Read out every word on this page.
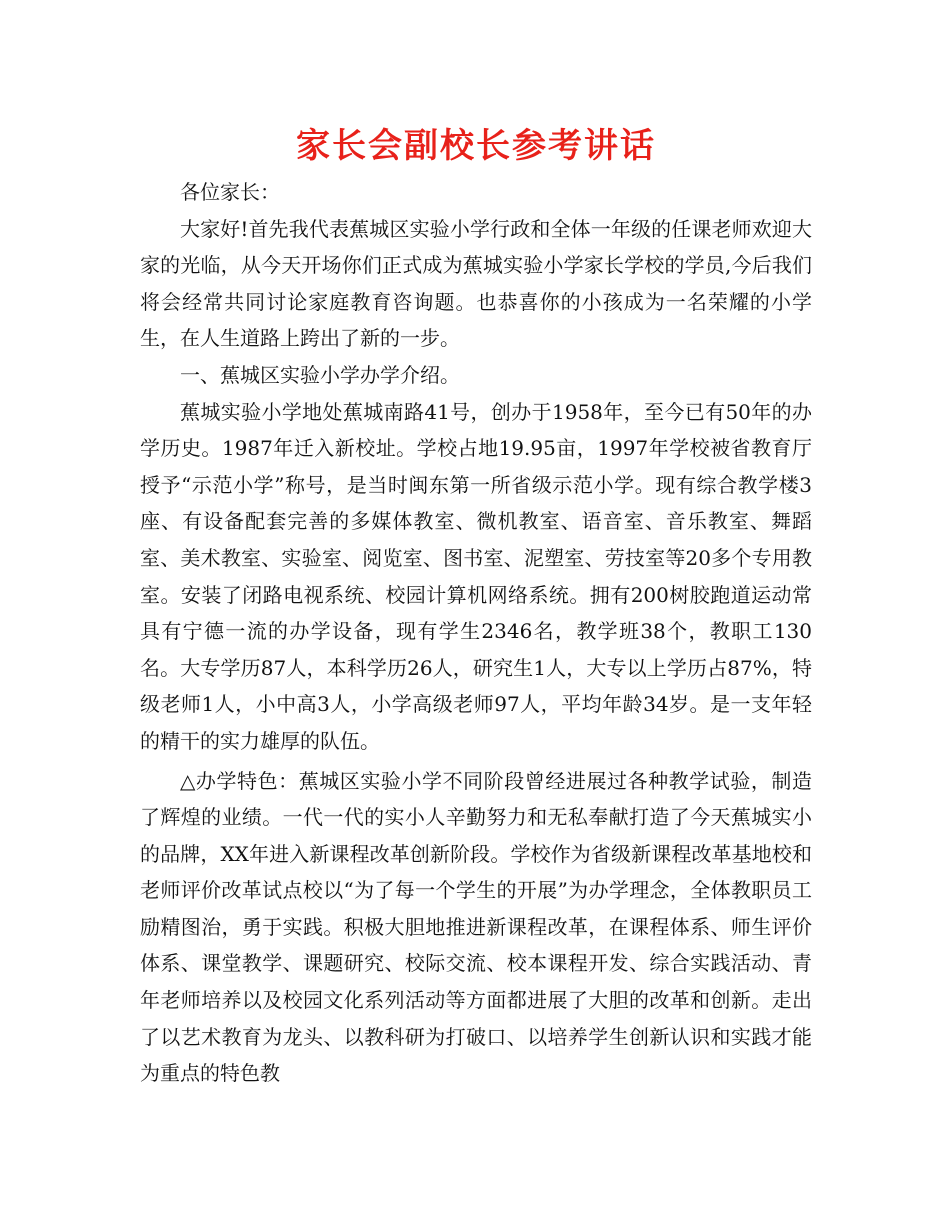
家长会副校长参考讲话

各位家长：

大家好!首先我代表蕉城区实验小学行政和全体一年级的任课老师欢迎大家的光临，从今天开场你们正式成为蕉城实验小学家长学校的学员,今后我们将会经常共同讨论家庭教育咨询题。也恭喜你的小孩成为一名荣耀的小学生，在人生道路上跨出了新的一步。

一、蕉城区实验小学办学介绍。

蕉城实验小学地处蕉城南路41号，创办于1958年，至今已有50年的办学历史。1987年迁入新校址。学校占地19.95亩，1997年学校被省教育厅授予“示范小学”称号，是当时闽东第一所省级示范小学。现有综合教学楼3座、有设备配套完善的多媒体教室、微机教室、语音室、音乐教室、舞蹈室、美术教室、实验室、阅览室、图书室、泥塑室、劳技室等20多个专用教室。安装了闭路电视系统、校园计算机网络系统。拥有200树胶跑道运动常具有宁德一流的办学设备，现有学生2346名，教学班38个，教职工130名。大专学历87人，本科学历26人，研究生1人，大专以上学历占87%，特级老师1人，小中高3人，小学高级老师97人，平均年龄34岁。是一支年轻的精干的实力雄厚的队伍。

△办学特色：蕉城区实验小学不同阶段曾经进展过各种教学试验，制造了辉煌的业绩。一代一代的实小人辛勤努力和无私奉献打造了今天蕉城实小的品牌，XX年进入新课程改革创新阶段。学校作为省级新课程改革基地校和老师评价改革试点校以“为了每一个学生的开展”为办学理念，全体教职员工励精图治，勇于实践。积极大胆地推进新课程改革，在课程体系、师生评价体系、课堂教学、课题研究、校际交流、校本课程开发、综合实践活动、青年老师培养以及校园文化系列活动等方面都进展了大胆的改革和创新。走出了以艺术教育为龙头、以教科研为打破口、以培养学生创新认识和实践才能为重点的特色教
